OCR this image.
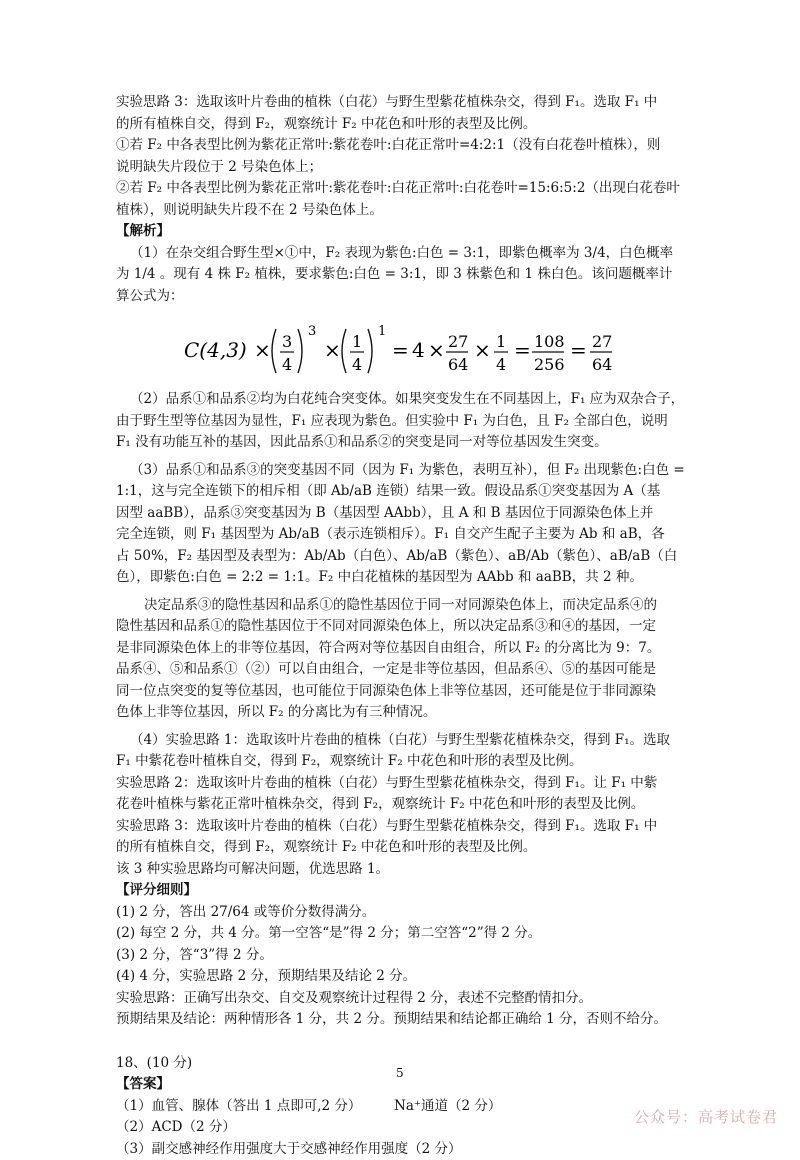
实验思路 3：选取该叶片卷曲的植株（白花）与野生型紫花植株杂交，得到 F₁。选取 F₁ 中

的所有植株自交，得到 F₂，观察统计 F₂ 中花色和叶形的表型及比例。

①若 F₂ 中各表型比例为紫花正常叶:紫花卷叶:白花正常叶=4:2:1（没有白花卷叶植株），则

说明缺失片段位于 2 号染色体上；

②若 F₂ 中各表型比例为紫花正常叶:紫花卷叶:白花正常叶:白花卷叶=15:6:5:2（出现白花卷叶

植株），则说明缺失片段不在 2 号染色体上。

【解析】

（1）在杂交组合野生型×①中，F₂ 表现为紫色:白色 = 3:1，即紫色概率为 3/4，白色概率

为 1/4 。现有 4 株 F₂ 植株，要求紫色:白色 = 3:1，即 3 株紫色和 1 株白色。该问题概率计

算公式为：

C(4,3) × 3
4
3
× 1
4
1
= 4 × 27
64
× 1
4
= 108
256
= 27
64

（2）品系①和品系②均为白花纯合突变体。如果突变发生在不同基因上，F₁ 应为双杂合子，

由于野生型等位基因为显性，F₁ 应表现为紫色。但实验中 F₁ 为白色，且 F₂ 全部白色，说明

F₁ 没有功能互补的基因，因此品系①和品系②的突变是同一对等位基因发生突变。

（3）品系①和品系③的突变基因不同（因为 F₁ 为紫色，表明互补），但 F₂ 出现紫色:白色 =

1:1，这与完全连锁下的相斥相（即 Ab/aB 连锁）结果一致。假设品系①突变基因为 A（基

因型 aaBB），品系③突变基因为 B（基因型 AAbb），且 A 和 B 基因位于同源染色体上并

完全连锁，则 F₁ 基因型为 Ab/aB（表示连锁相斥）。F₁ 自交产生配子主要为 Ab 和 aB，各

占 50%，F₂ 基因型及表型为：Ab/Ab（白色）、Ab/aB（紫色）、aB/Ab（紫色）、aB/aB（白

色），即紫色:白色 = 2:2 = 1:1。F₂ 中白花植株的基因型为 AAbb 和 aaBB，共 2 种。

决定品系③的隐性基因和品系①的隐性基因位于同一对同源染色体上，而决定品系④的

隐性基因和品系①的隐性基因位于不同对同源染色体上，所以决定品系③和④的基因，一定

是非同源染色体上的非等位基因，符合两对等位基因自由组合，所以 F₂ 的分离比为 9：7。

品系④、⑤和品系①（②）可以自由组合，一定是非等位基因，但品系④、⑤的基因可能是

同一位点突变的复等位基因，也可能位于同源染色体上非等位基因，还可能是位于非同源染

色体上非等位基因，所以 F₂ 的分离比为有三种情况。

（4）实验思路 1：选取该叶片卷曲的植株（白花）与野生型紫花植株杂交，得到 F₁。选取

F₁ 中紫花卷叶植株自交，得到 F₂，观察统计 F₂ 中花色和叶形的表型及比例。

实验思路 2：选取该叶片卷曲的植株（白花）与野生型紫花植株杂交，得到 F₁。让 F₁ 中紫

花卷叶植株与紫花正常叶植株杂交，得到 F₂，观察统计 F₂ 中花色和叶形的表型及比例。

实验思路 3：选取该叶片卷曲的植株（白花）与野生型紫花植株杂交，得到 F₁。选取 F₁ 中

的所有植株自交，得到 F₂，观察统计 F₂ 中花色和叶形的表型及比例。

该 3 种实验思路均可解决问题，优选思路 1。

【评分细则】

(1) 2 分，答出 27/64 或等价分数得满分。

(2) 每空 2 分，共 4 分。第一空答“是”得 2 分；第二空答“2”得 2 分。

(3) 2 分，答“3”得 2 分。

(4) 4 分，实验思路 2 分，预期结果及结论 2 分。

实验思路：正确写出杂交、自交及观察统计过程得 2 分，表述不完整酌情扣分。

预期结果及结论：两种情形各 1 分，共 2 分。预期结果和结论都正确给 1 分，否则不给分。

18、(10 分)

【答案】

（1）血管、腺体（答出 1 点即可,2 分）	Na⁺通道（2 分）

（2）ACD（2 分）

（3）副交感神经作用强度大于交感神经作用强度（2 分）

5
公众号：高考试卷君
